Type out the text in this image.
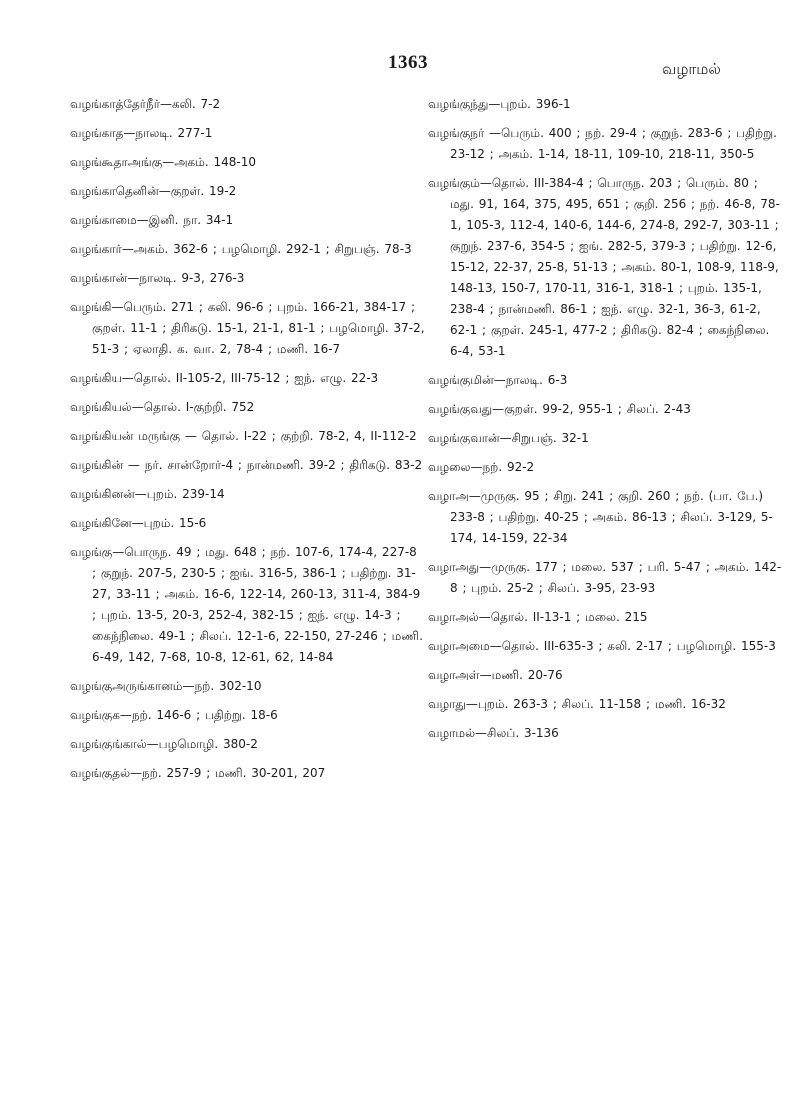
1363	வழாமல்

வழங்காத்தேர்நீர்—கலி. 7-2

வழங்காத—நாலடி. 277-1

வழங்கூதாஅங்கு—அகம். 148-10

வழங்காதெனின்—குறள். 19-2

வழங்காமை—இனி. நா. 34-1

வழங்கார்—அகம். 362-6 ; பழமொழி. 292-1 ; சிறுபஞ். 78-3

வழங்கான்—நாலடி. 9-3, 276-3

வழங்கி—பெரும். 271 ; கலி. 96-6 ; புறம். 166-21, 384-17 ; குறள். 11-1 ; திரிகடு. 15-1, 21-1, 81-1 ; பழமொழி. 37-2, 51-3 ; ஏலாதி. க. வா. 2, 78-4 ; மணி. 16-7

வழங்கிய—தொல். II-105-2, III-75-12 ; ஐந். எழு. 22-3

வழங்கியல்—தொல். I-குற்றி. 752

வழங்கியன் மருங்கு — தொல். I-22 ; குற்றி. 78-2, 4, II-112-2

வழங்கின் — நர். சான்றோர்-4 ; நான்மணி. 39-2 ; திரிகடு. 83-2

வழங்கினன்—புறம். 239-14

வழங்கினே—புறம். 15-6

வழங்கு—பொருந. 49 ; மது. 648 ; நற். 107-6, 174-4, 227-8 ; குறுந். 207-5, 230-5 ; ஐங். 316-5, 386-1 ; பதிற்று. 31-27, 33-11 ; அகம். 16-6, 122-14, 260-13, 311-4, 384-9 ; புறம். 13-5, 20-3, 252-4, 382-15 ; ஐந். எழு. 14-3 ; கைந்நிலை. 49-1 ; சிலப். 12-1-6, 22-150, 27-246 ; மணி. 6-49, 142, 7-68, 10-8, 12-61, 62, 14-84

வழங்குஅருங்கானம்—நற். 302-10

வழங்குக—நற். 146-6 ; பதிற்று. 18-6

வழங்குங்கால்—பழமொழி. 380-2

வழங்குதல்—நற். 257-9 ; மணி. 30-201, 207

வழங்குந்து—புறம். 396-1

வழங்குநர் —பெரும். 400 ; நற். 29-4 ; குறுந். 283-6 ; பதிற்று. 23-12 ; அகம். 1-14, 18-11, 109-10, 218-11, 350-5

வழங்கும்—தொல். III-384-4 ; பொருந. 203 ; பெரும். 80 ; மது. 91, 164, 375, 495, 651 ; குறி. 256 ; நற். 46-8, 78-1, 105-3, 112-4, 140-6, 144-6, 274-8, 292-7, 303-11 ; குறுந். 237-6, 354-5 ; ஐங். 282-5, 379-3 ; பதிற்று. 12-6, 15-12, 22-37, 25-8, 51-13 ; அகம். 80-1, 108-9, 118-9, 148-13, 150-7, 170-11, 316-1, 318-1 ; புறம். 135-1, 238-4 ; நான்மணி. 86-1 ; ஐந். எழு. 32-1, 36-3, 61-2, 62-1 ; குறள். 245-1, 477-2 ; திரிகடு. 82-4 ; கைந்நிலை. 6-4, 53-1

வழங்குமின்—நாலடி. 6-3

வழங்குவது—குறள். 99-2, 955-1 ; சிலப். 2-43

வழங்குவான்—சிறுபஞ். 32-1

வழலை—நற். 92-2

வழாஅ—முருகு. 95 ; சிறு. 241 ; குறி. 260 ; நற். (பா. பே.) 233-8 ; பதிற்று. 40-25 ; அகம். 86-13 ; சிலப். 3-129, 5-174, 14-159, 22-34

வழாஅது—முருகு. 177 ; மலை. 537 ; பரி. 5-47 ; அகம். 142-8 ; புறம். 25-2 ; சிலப். 3-95, 23-93

வழாஅல்—தொல். II-13-1 ; மலை. 215

வழாஅமை—தொல். III-635-3 ; கலி. 2-17 ; பழமொழி. 155-3

வழாஅள்—மணி. 20-76

வழாது—புறம். 263-3 ; சிலப். 11-158 ; மணி. 16-32

வழாமல்—சிலப். 3-136
